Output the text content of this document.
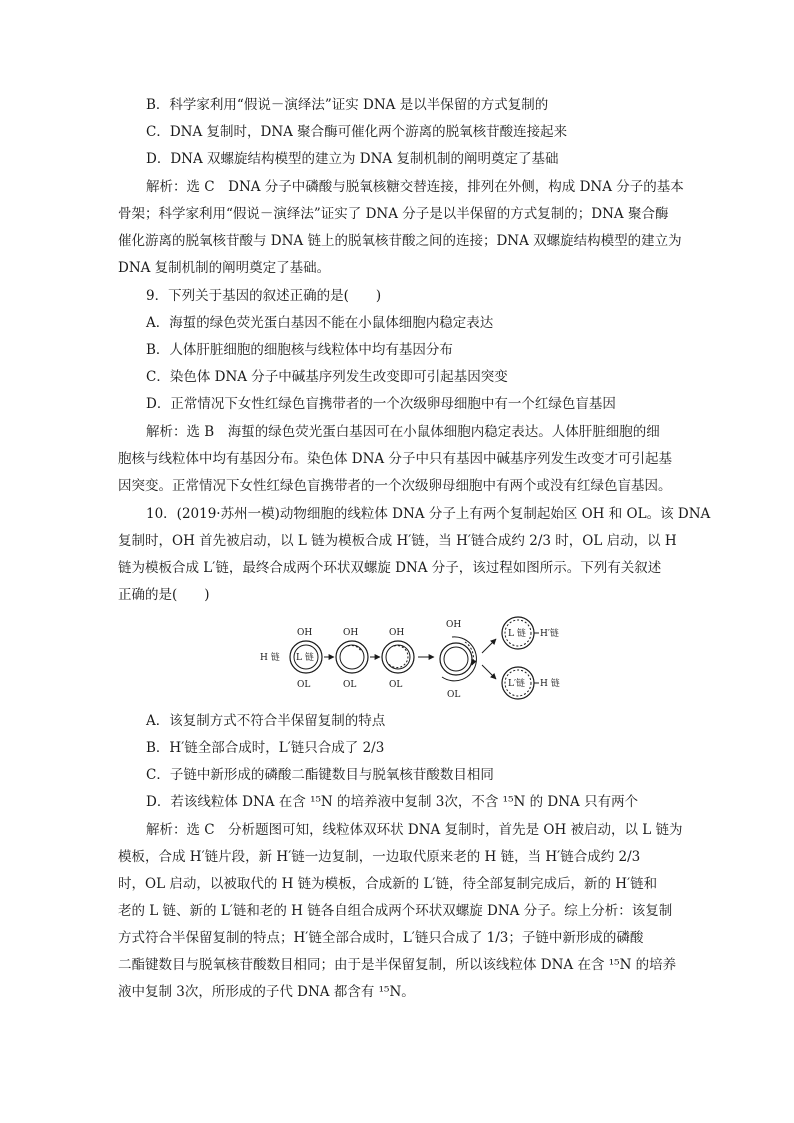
B．科学家利用“假说－演绎法”证实 DNA 是以半保留的方式复制的
C．DNA 复制时，DNA 聚合酶可催化两个游离的脱氧核苷酸连接起来
D．DNA 双螺旋结构模型的建立为 DNA 复制机制的阐明奠定了基础
解析：选 C　DNA 分子中磷酸与脱氧核糖交替连接，排列在外侧，构成 DNA 分子的基本
骨架；科学家利用“假说－演绎法”证实了 DNA 分子是以半保留的方式复制的；DNA 聚合酶
催化游离的脱氧核苷酸与 DNA 链上的脱氧核苷酸之间的连接；DNA 双螺旋结构模型的建立为
DNA 复制机制的阐明奠定了基础。
9．下列关于基因的叙述正确的是(　　)
A．海蜇的绿色荧光蛋白基因不能在小鼠体细胞内稳定表达
B．人体肝脏细胞的细胞核与线粒体中均有基因分布
C．染色体 DNA 分子中碱基序列发生改变即可引起基因突变
D．正常情况下女性红绿色盲携带者的一个次级卵母细胞中有一个红绿色盲基因
解析：选 B　海蜇的绿色荧光蛋白基因可在小鼠体细胞内稳定表达。人体肝脏细胞的细
胞核与线粒体中均有基因分布。染色体 DNA 分子中只有基因中碱基序列发生改变才可引起基
因突变。正常情况下女性红绿色盲携带者的一个次级卵母细胞中有两个或没有红绿色盲基因。
10．(2019·苏州一模)动物细胞的线粒体 DNA 分子上有两个复制起始区 OH 和 OL。该 DNA
复制时，OH 首先被启动，以 L 链为模板合成 H′链，当 H′链合成约 2/3 时，OL 启动，以 H
链为模板合成 L′链，最终合成两个环状双螺旋 DNA 分子，该过程如图所示。下列有关叙述
正确的是(　　)
H 链 L 链
OH
OL
OH
OL
OH
OL
OH
OL
L 链 H′链
L′链 H 链
A．该复制方式不符合半保留复制的特点
B．H′链全部合成时，L′链只合成了 2/3
C．子链中新形成的磷酸二酯键数目与脱氧核苷酸数目相同
D．若该线粒体 DNA 在含 ¹⁵N 的培养液中复制 3次，不含 ¹⁵N 的 DNA 只有两个
解析：选 C　分析题图可知，线粒体双环状 DNA 复制时，首先是 OH 被启动，以 L 链为
模板，合成 H′链片段，新 H′链一边复制，一边取代原来老的 H 链，当 H′链合成约 2/3
时，OL 启动，以被取代的 H 链为模板，合成新的 L′链，待全部复制完成后，新的 H′链和
老的 L 链、新的 L′链和老的 H 链各自组合成两个环状双螺旋 DNA 分子。综上分析：该复制
方式符合半保留复制的特点；H′链全部合成时，L′链只合成了 1/3；子链中新形成的磷酸
二酯键数目与脱氧核苷酸数目相同；由于是半保留复制，所以该线粒体 DNA 在含 ¹⁵N 的培养
液中复制 3次，所形成的子代 DNA 都含有 ¹⁵N。
